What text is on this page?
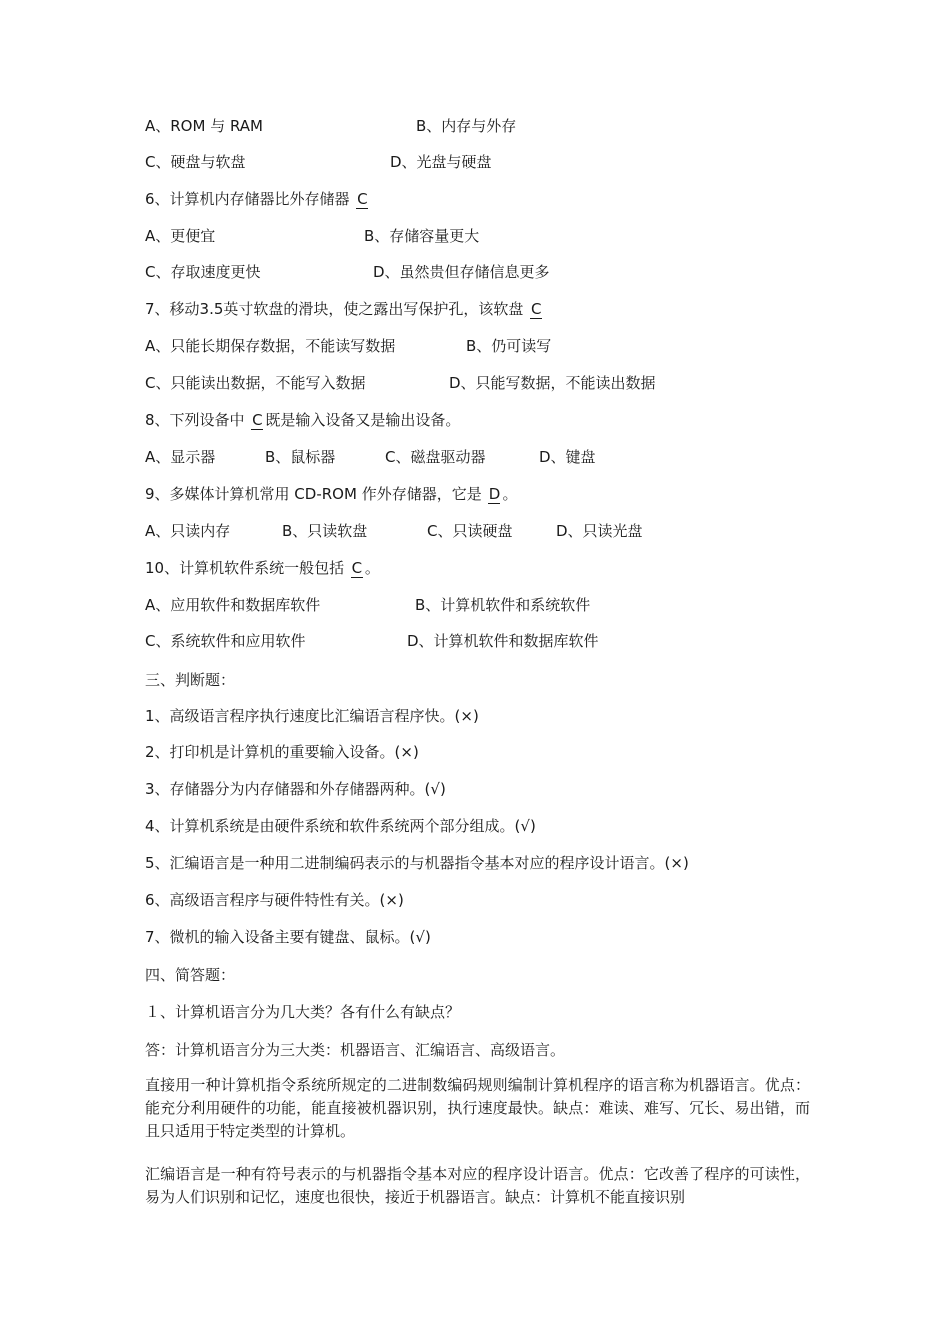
A、ROM 与 RAM	B、内存与外存
C、硬盘与软盘	D、光盘与硬盘
6、计算机内存储器比外存储器 C
A、更便宜	B、存储容量更大
C、存取速度更快	D、虽然贵但存储信息更多
7、移动3.5英寸软盘的滑块，使之露出写保护孔，该软盘 C
A、只能长期保存数据，不能读写数据	B、仍可读写
C、只能读出数据，不能写入数据	D、只能写数据，不能读出数据
8、下列设备中 C 既是输入设备又是输出设备。
A、显示器	B、鼠标器	C、磁盘驱动器	D、键盘
9、多媒体计算机常用 CD-ROM 作外存储器，它是 D 。
A、只读内存	B、只读软盘	C、只读硬盘	D、只读光盘
10、计算机软件系统一般包括 C 。
A、应用软件和数据库软件	B、计算机软件和系统软件
C、系统软件和应用软件	D、计算机软件和数据库软件
三、判断题：
1、高级语言程序执行速度比汇编语言程序快。(×)
2、打印机是计算机的重要输入设备。(×)
3、存储器分为内存储器和外存储器两种。(√)
4、计算机系统是由硬件系统和软件系统两个部分组成。(√)
5、汇编语言是一种用二进制编码表示的与机器指令基本对应的程序设计语言。(×)
6、高级语言程序与硬件特性有关。(×)
7、微机的输入设备主要有键盘、鼠标。(√)
四、简答题：
１、计算机语言分为几大类？各有什么有缺点？
答：计算机语言分为三大类：机器语言、汇编语言、高级语言。
直接用一种计算机指令系统所规定的二进制数编码规则编制计算机程序的语言称为机器语言。优点：能充分利用硬件的功能，能直接被机器识别，执行速度最快。缺点：难读、难写、冗长、易出错，而且只适用于特定类型的计算机。
汇编语言是一种有符号表示的与机器指令基本对应的程序设计语言。优点：它改善了程序的可读性，易为人们识别和记忆，速度也很快，接近于机器语言。缺点：计算机不能直接识别
